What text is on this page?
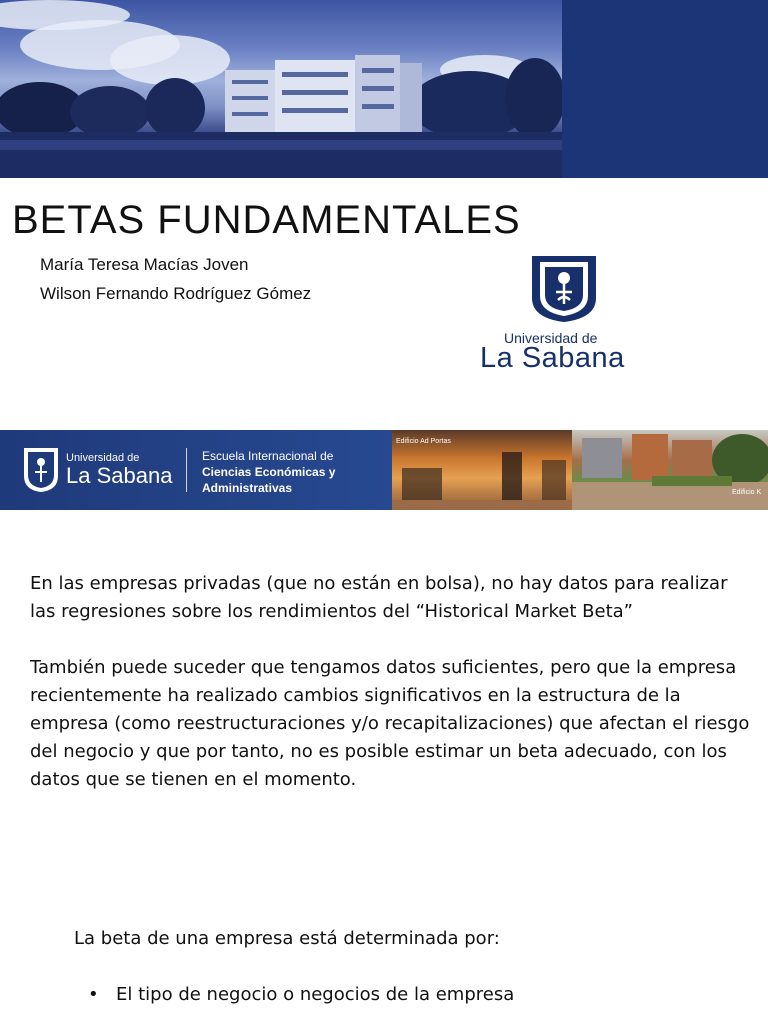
BETAS FUNDAMENTALES
María Teresa Macías Joven
Wilson Fernando Rodríguez Gómez
Universidad de
La Sabana
Universidad de
La Sabana
Escuela Internacional de
Ciencias Económicas y
Administrativas
Edificio Ad Portas
Edificio K

En las empresas privadas (que no están en bolsa), no hay datos para realizar las regresiones sobre los rendimientos del “Historical Market Beta”

También puede suceder que tengamos datos suficientes, pero que la empresa recientemente ha realizado cambios significativos en la estructura de la empresa (como reestructuraciones y/o recapitalizaciones) que afectan el riesgo del negocio y que por tanto, no es posible estimar un beta adecuado, con los datos que se tienen en el momento.

La beta de una empresa está determinada por:
• El tipo de negocio o negocios de la empresa
